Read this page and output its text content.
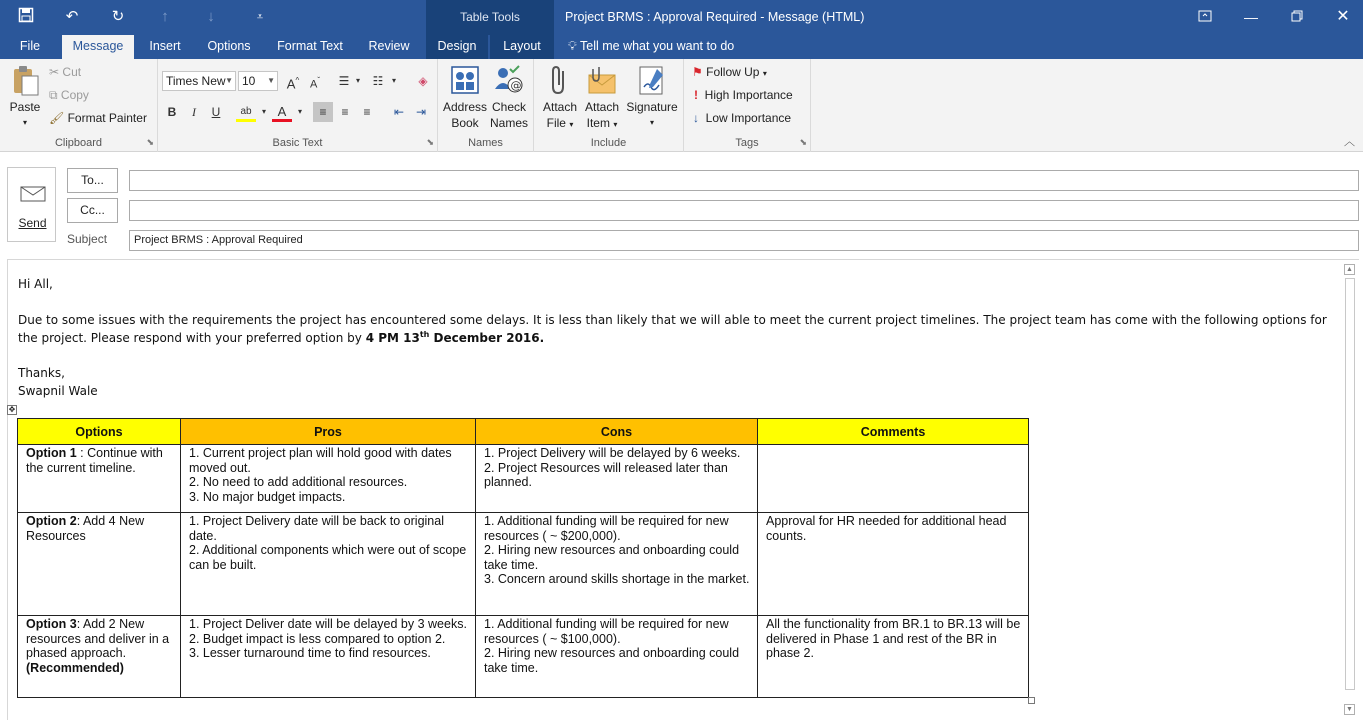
↶	↻	↑	↓	⩡	Project BRMS : Approval Required - Message (HTML)	—	✕
Table Tools
File	Message	Insert	Options	Format Text	Review	Design	Layout	💡︎ Tell me what you want to do
Paste
▾
✂ Cut
⧉ Copy
🖌︎ Format Painter
Clipboard	⬊
Times New ▼ 10 ▼ A^ $A^ˇ$	☰ ▾	☷	▾	◈
B	I	U	ab	▾ A	▾	≡	≡	≡	⇤ ⇥
Basic Text	⬊
Address
Book
@
Check
Names
Names
Attach
File ▾
Attach
Item ▾
Signature
▾
Include
⚑ Follow Up ▾
! High Importance
↓ Low Importance
Tags	⬊	︿
Send
To...
Cc...
Subject	Project BRMS : Approval Required
▲
▼
Hi All,
Due to some issues with the requirements the project has encountered some delays. It is less than likely that we will able to meet the current project timelines. The project team has come with the following options for
the project. Please respond with your preferred option by 4 PM 13th December 2016.
Thanks,
Swapnil Wale
✥
Options	Pros	Cons	Comments
Option 1 : Continue with the current timeline.	1. Current project plan will hold good with dates moved out.
2. No need to add additional resources.
3. No major budget impacts.	1. Project Delivery will be delayed by 6 weeks.
2. Project Resources will released later than planned.	

Option 2: Add 4 New Resources	1. Project Delivery date will be back to original date.
2. Additional components which were out of scope can be built.	1. Additional funding will be required for new resources ( ~ $200,000).
2. Hiring new resources and onboarding could take time.
3. Concern around skills shortage in the market.	Approval for HR needed for additional head counts.
Option 3: Add 2 New resources and deliver in a phased approach.
(Recommended)	1. Project Deliver date will be delayed by 3 weeks.
2. Budget impact is less compared to option 2.
3. Lesser turnaround time to find resources.	1. Additional funding will be required for new resources ( ~ $100,000).
2. Hiring new resources and onboarding could take time.	All the functionality from BR.1 to BR.13 will be delivered in Phase 1 and rest of the BR in phase 2.
